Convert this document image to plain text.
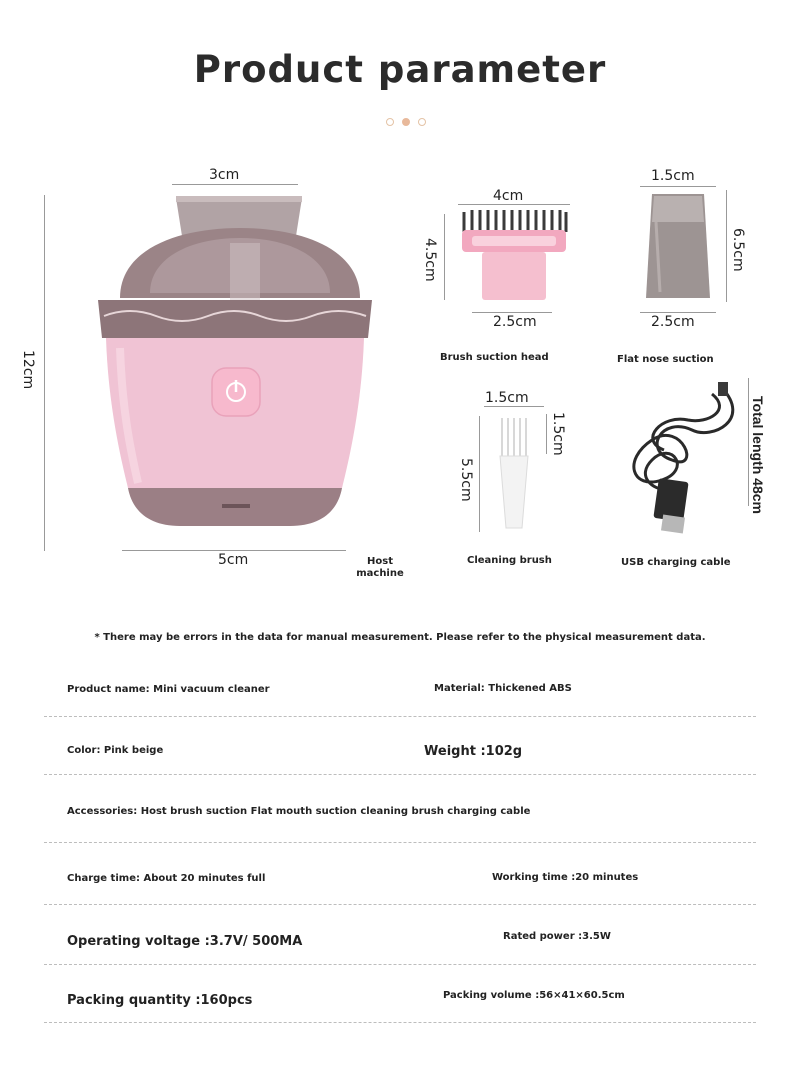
Product parameter
3cm
12cm
5cm	Host machine
4cm
4.5cm
2.5cm
Brush suction head
1.5cm
6.5cm
2.5cm
Flat nose suction
1.5cm
5.5cm
1.5cm
Cleaning brush
Total length 48cm
USB charging cable
* There may be errors in the data for manual measurement. Please refer to the physical measurement data.
Product name: Mini vacuum cleaner	Material: Thickened ABS
Color: Pink beige	Weight :102g
Accessories: Host brush suction Flat mouth suction cleaning brush charging cable
Charge time: About 20 minutes full	Working time :20 minutes
Operating voltage :3.7V/ 500MA	Rated power :3.5W
Packing quantity :160pcs	Packing volume :56×41×60.5cm
